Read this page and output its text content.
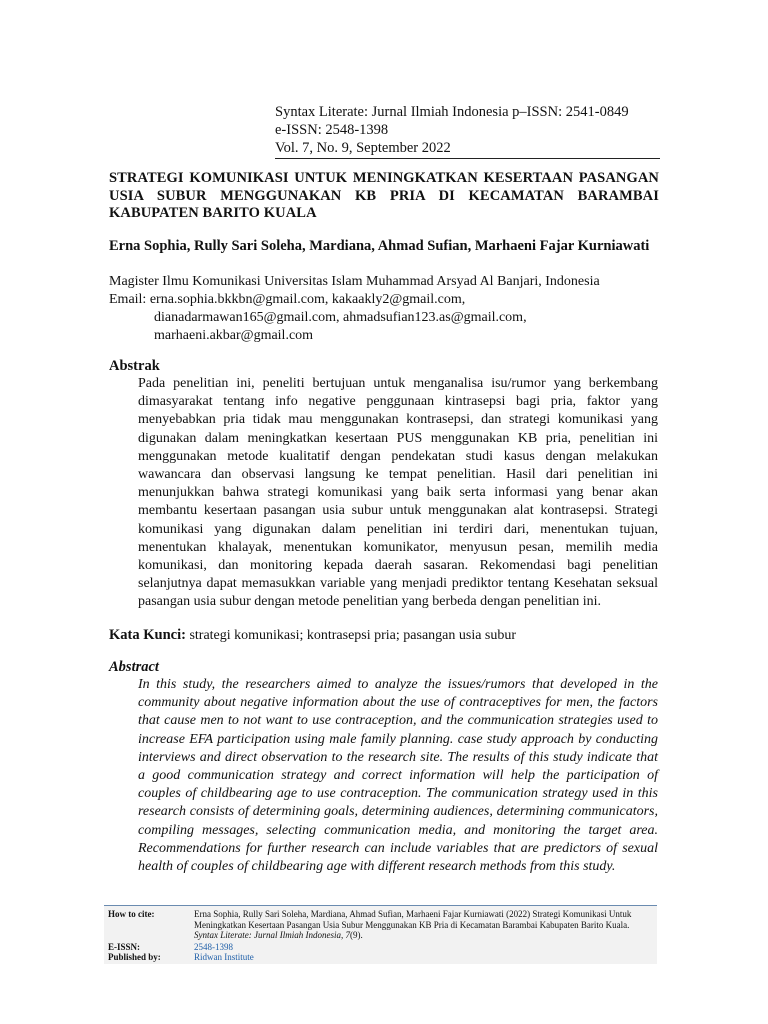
Syntax Literate: Jurnal Ilmiah Indonesia p–ISSN: 2541-0849
e-ISSN: 2548-1398
Vol. 7, No. 9, September 2022
STRATEGI KOMUNIKASI UNTUK MENINGKATKAN KESERTAAN PASANGAN USIA SUBUR MENGGUNAKAN KB PRIA DI KECAMATAN BARAMBAI KABUPATEN BARITO KUALA
Erna Sophia, Rully Sari Soleha, Mardiana, Ahmad Sufian, Marhaeni Fajar Kurniawati
Magister Ilmu Komunikasi Universitas Islam Muhammad Arsyad Al Banjari, Indonesia
Email: erna.sophia.bkkbn@gmail.com, kakaakly2@gmail.com,
dianadarmawan165@gmail.com, ahmadsufian123.as@gmail.com,
marhaeni.akbar@gmail.com
Abstrak
Pada penelitian ini, peneliti bertujuan untuk menganalisa isu/rumor yang berkembang dimasyarakat tentang info negative penggunaan kintrasepsi bagi pria, faktor yang menyebabkan pria tidak mau menggunakan kontrasepsi, dan strategi komunikasi yang digunakan dalam meningkatkan kesertaan PUS menggunakan KB pria, penelitian ini menggunakan metode kualitatif dengan pendekatan studi kasus dengan melakukan wawancara dan observasi langsung ke tempat penelitian. Hasil dari penelitian ini menunjukkan bahwa strategi komunikasi yang baik serta informasi yang benar akan membantu kesertaan pasangan usia subur untuk menggunakan alat kontrasepsi. Strategi komunikasi yang digunakan dalam penelitian ini terdiri dari, menentukan tujuan, menentukan khalayak, menentukan komunikator, menyusun pesan, memilih media komunikasi, dan monitoring kepada daerah sasaran. Rekomendasi bagi penelitian selanjutnya dapat memasukkan variable yang menjadi prediktor tentang Kesehatan seksual pasangan usia subur dengan metode penelitian yang berbeda dengan penelitian ini.
Kata Kunci: strategi komunikasi; kontrasepsi pria; pasangan usia subur
Abstract
In this study, the researchers aimed to analyze the issues/rumors that developed in the community about negative information about the use of contraceptives for men, the factors that cause men to not want to use contraception, and the communication strategies used to increase EFA participation using male family planning. case study approach by conducting interviews and direct observation to the research site. The results of this study indicate that a good communication strategy and correct information will help the participation of couples of childbearing age to use contraception. The communication strategy used in this research consists of determining goals, determining audiences, determining communicators, compiling messages, selecting communication media, and monitoring the target area. Recommendations for further research can include variables that are predictors of sexual health of couples of childbearing age with different research methods from this study.
How to cite:	Erna Sophia, Rully Sari Soleha, Mardiana, Ahmad Sufian, Marhaeni Fajar Kurniawati (2022) Strategi Komunikasi Untuk Meningkatkan Kesertaan Pasangan Usia Subur Menggunakan KB Pria di Kecamatan Barambai Kabupaten Barito Kuala. Syntax Literate: Jurnal Ilmiah Indonesia, 7(9).
E-ISSN:	2548-1398
Published by:	Ridwan Institute
